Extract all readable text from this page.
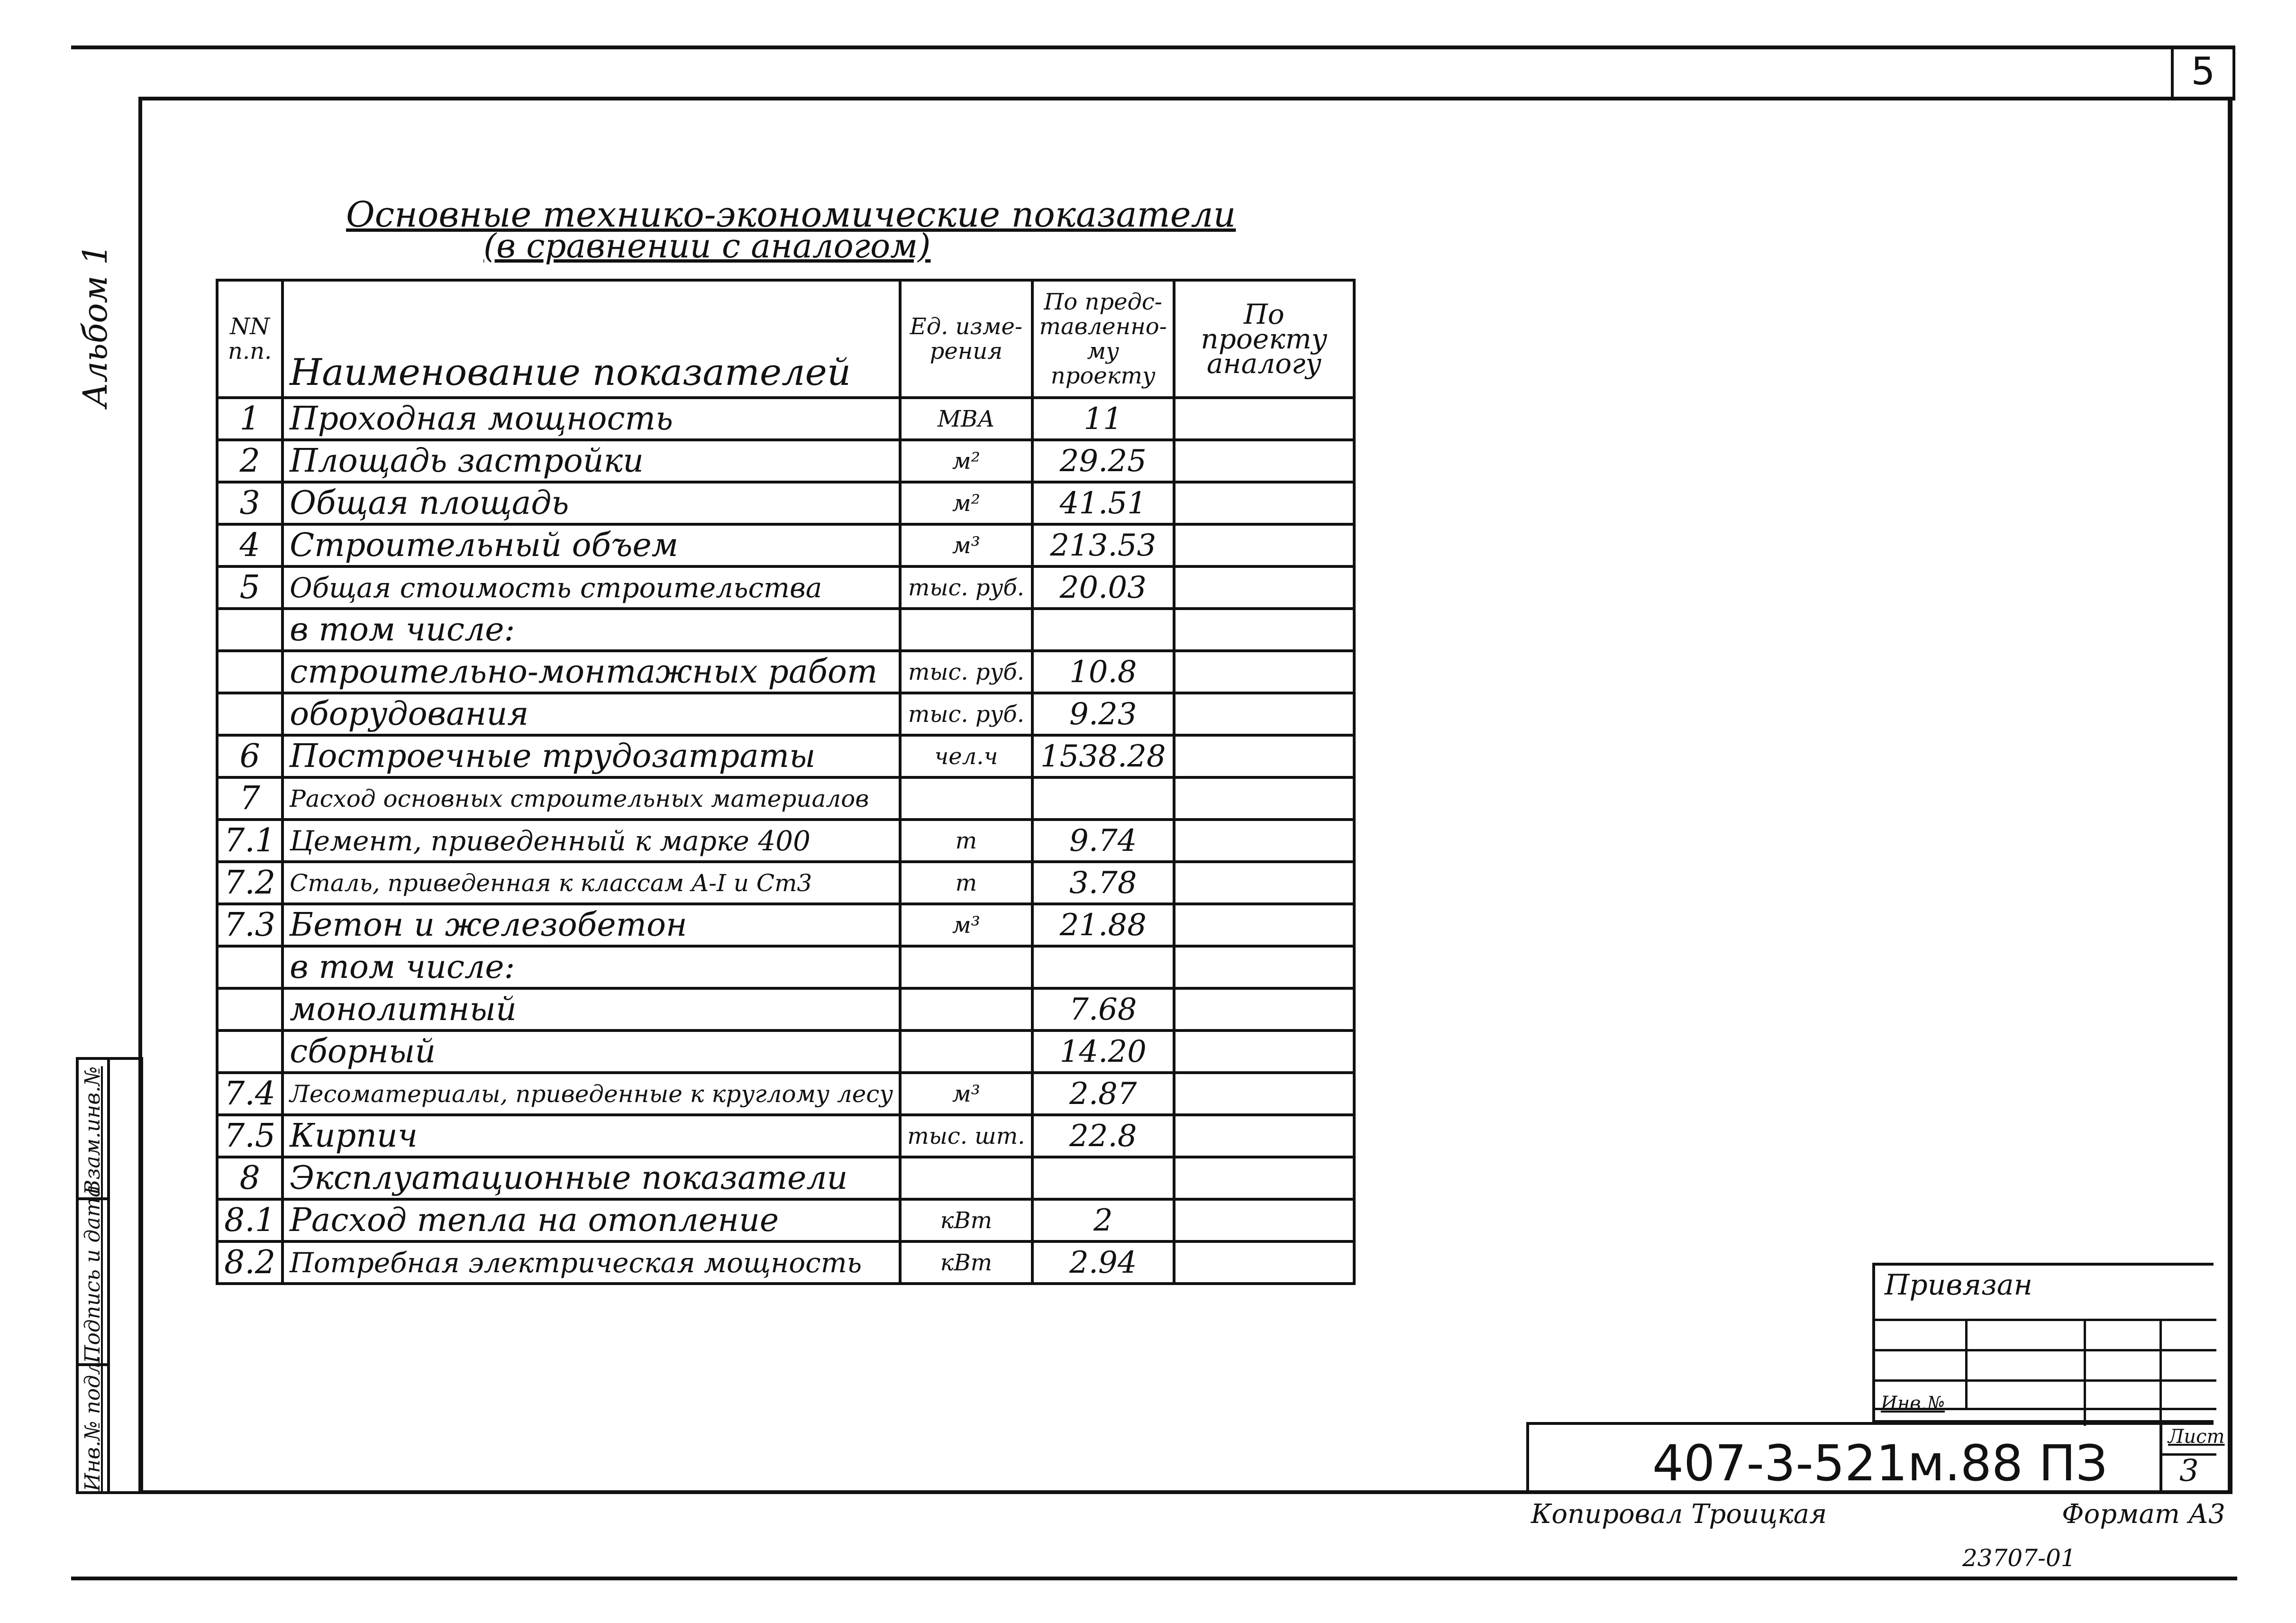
5
Альбом 1
Инв.№ подл.
Подпись и дата
Взам.инв.№
Основные технико-экономические показатели
(в сравнении с аналогом)
NN п.п.	Наименование показателей	Ед. изме- рения	По предс- тавленно- му проекту	По проекту аналогу
1	Проходная мощность	МВА	11	
2	Площадь застройки	м²	29.25	
3	Общая площадь	м²	41.51	
4	Строительный объем	м³	213.53	
5	Общая стоимость строительства	тыс. руб.	20.03	
	в том числе:			
	строительно-монтажных работ	тыс. руб.	10.8	
	оборудования	тыс. руб.	9.23	
6	Построечные трудозатраты	чел.ч	1538.28	
7	Расход основных строительных материалов			
7.1	Цемент, приведенный к марке 400	т	9.74	
7.2	Сталь, приведенная к классам A-I и Ст3	т	3.78	
7.3	Бетон и железобетон	м³	21.88	
	в том числе:			
	монолитный		7.68	
	сборный		14.20	
7.4	Лесоматериалы, приведенные к круглому лесу	м³	2.87	
7.5	Кирпич	тыс. шт.	22.8	
8	Эксплуатационные показатели			
8.1	Расход тепла на отопление	кВт	2	
8.2	Потребная электрическая мощность	кВт	2.94	
Привязан
Инв.№
407-3-521м.88 ПЗ	Лист
3
Копировал Троицкая	Формат А3
23707-01
